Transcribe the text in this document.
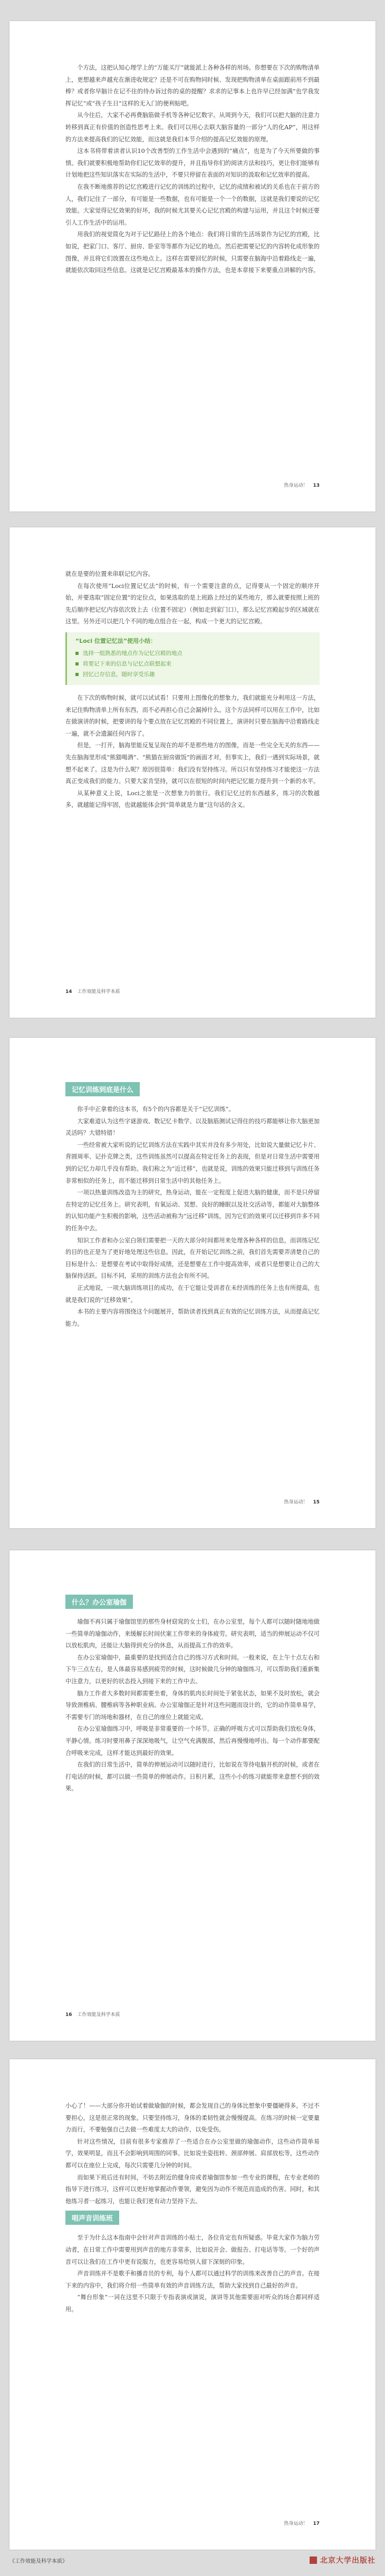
个方法，这把认知心理学上的“万能买厅”就能派上各种各样的用场。你想要在下次的购物清单上，更想越来声越充在渐进收规定？还是不可在购物同时候、发现把购物清单在桌面跟前用不到最棒？或者你早脑计在记不住的待办诉过你的桌的提醒？求求的记事本上也许早已经加满“也学我发挥记忆”或“孩子生日”这样的无入门的便利贴吧。

从今往后，大家不必再费脑筋做手机等各种记忆数字。从周到今天，我们可以把大脑的注意力转移到真正有价值的创造性思考上来。我们可以用心去联大脑容量的一部分“人的化AP”，用这样的方法来提高我们的记忆效能，而这就是我们本节介绍的提高记忆效能的原理。

这本书将带着读者认识10个改善型的工作生活中会遇到的“痛点”，也是为了今天所要做的事情。我们就要积极地帮助你们记忆效率的提升，并且指导你们的阅读方法和技巧，更让你们能够有计划地把这些知识落实在实际的生活中，不要只停留在表面的对知识的汲取和记忆效率的提高。

在我不断地推荐的记忆宫殿进行记忆的训练的过程中，记忆的成绩和被试的关系也在于前方的人，我们记住了一部分，有可能是一些数据，也有可能是一个一个的数据，这就是我们要说的记忆效能。大家觉得记忆效果的好坏，我的时候尤其要关心记忆宫殿的构建与运用，并且这个时候还要引人工作生活中的运用。

用我们的视觉简化为对于记忆路径上的各个地点：我们将日常的生活场景作为记忆的宫殿，比如说，把家门口、客厅、厨房、卧室等等都作为记忆的地点。然后把需要记忆的内容转化成形象的图像，并且将它们放置在这些地点上。这样在需要回忆的时候，只需要在脑海中沿着路线走一遍，就能依次取回这些信息。这就是记忆宫殿最基本的操作方法，也是本章接下来要重点讲解的内容。

热身运动！ 13

就在是要的位置来串联记忆内容。

在每次使用“Loci位置记忆法”的时候，有一个需要注意的点，记得要从一个固定的顺序开始，并要选取“固定位置”的定位点，如果选取的是上班路上经过的某些地方，那么就要按照上班的先后顺序把记忆内容依次放上去（位置不固定）（例如走到家门口），那么记忆宫殿起步的区域就在这里。另外还可以把几个不同的地点组合在一起，构成一个更大的记忆宫殿。

“Loci 位置记忆法”使用小结：
选择一组熟悉的地点作为记忆宫殿的地点
将要记下来的信息与记忆点联想起来
回忆已存信息，随时享受乐趣

在下次的购物时候，就可以试试看！只要用上图像化的想象力，我们就能充分利用这一方法，来记住购物清单上所有东西，而不必再担心自己会漏掉什么。这个方法同样可以用在工作中，比如在做演讲的时候，把要讲的每个要点放在记忆宫殿的不同位置上，演讲时只要在脑海中沿着路线走一遍，就不会遗漏任何内容了。

但是，一打开，脑海里能反复呈现在的却不是那些地方的图像，而是一些完全无关的东西——先在脑海里形成“熊猫喝酒”、“熊猫在厨房做饭”的画面才对，但事实上，我们一遇到实际场景，就想不起来了。这是为什么呢？原因很简单：我们没有坚持练习。所以只有坚持练习才能使这一方法真正变成我们的能力。只要大家肯坚持，就可以在很短的时间内把记忆能力提升到一个新的水平。

从某种意义上说，Loci之旅是一次想象力的旅行。我们记忆过的东西越多，练习的次数越多，就越能记得牢固，也就越能体会到“简单就是力量”这句话的含义。

14 工作效能及科学本质
记忆训练到底是什么

你手中正拿着的这本书，有5个的内容都是关于“记忆训练”。

大家难道认为这些字谜游戏、数记忆卡数学、以及脑筋测试记得住的技巧都能够让你大脑更加灵活吗？大错特错！

一些经常被大家听说的记忆训练方法在实践中其实并没有多少用处，比如说大量做记忆卡片、背圆周率、记扑克牌之类，这些训练虽然可以提高在特定任务上的表现，但是对日常生活中需要用到的记忆力却几乎没有帮助。我们称之为“近迁移”，也就是说，训练的效果只能迁移到与训练任务非常相似的任务上，而不能迁移到日常生活中的其他任务上。

一项以热量训练改造为主的研究，热身运动，能在一定程度上促进大脑的健康，而不是只停留在特定的记忆任务上。研究表明，有氧运动、冥想、良好的睡眠以及社交活动等，都能对大脑整体的认知功能产生积极的影响，这些活动被称为“远迁移”训练，因为它们的效果可以迁移到许多不同的任务中去。

知识工作者和办公室白领们需要把一天的大部分时间都用来处理各种各样的信息，而训练记忆的目的也正是为了更好地处理这些信息。因此，在开始记忆训练之前，我们首先需要弄清楚自己的目标是什么：是想要在考试中取得好成绩，还是想要在工作中提高效率，或者只是想要让自己的大脑保持活跃。目标不同，采用的训练方法也会有所不同。

正式地说，一项大脑训练项目的成功，在于它能让受训者在未经训练的任务上也有所提高，也就是我们说的“迁移效果”。

本书的主要内容将围绕这个问题展开，帮助读者找到真正有效的记忆训练方法，从而提高记忆能力。

热身运动！ 15
什么？办公室瑜伽

瑜伽不再只属于瑜伽馆里的那些身材窈窕的女士们，在办公室里，每个人都可以随时随地地做一些简单的瑜伽动作，来缓解长时间伏案工作带来的身体疲劳。研究表明，适当的伸展运动不仅可以放松肌肉，还能让大脑得到充分的休息，从而提高工作的效率。

在办公室瑜伽中，最重要的是找到适合自己的练习方式和时间。一般来说，在上午十点左右和下午三点左右，是人体最容易感到疲劳的时候，这时候做几分钟的瑜伽练习，可以帮助我们重新集中注意力，以更好的状态投入到接下来的工作中去。

脑力工作者大多数时间都需要坐着，身体的肌肉长时间处于紧张状态，如果不及时放松，就会导致颈椎病、腰椎病等各种职业病。办公室瑜伽正是针对这些问题而设计的，它的动作简单易学，不需要专门的场地和器材，在自己的座位上就能完成。

在办公室瑜伽练习中，呼吸是非常重要的一个环节。正确的呼吸方式可以帮助我们放松身体，平静心情。练习时要用鼻子深深地吸气，让空气充满腹部，然后再慢慢地呼出。每一个动作都要配合呼吸来完成，这样才能达到最好的效果。

在我们的日常生活中，简单的伸展运动可以随时进行，比如说在等待电脑开机的时候，或者在打电话的时候，都可以做一些简单的伸展动作。日积月累，这些小小的练习就能带来意想不到的效果。

16 工作效能及科学本质

小心了！——大部分你开始试着做瑜伽的时候，都会发现自己的身体比想象中要僵硬得多。不过不要担心，这是很正常的现象。只要坚持练习，身体的柔韧性就会慢慢提高。在练习的时候一定要量力而行，不要勉强自己去做一些难度太大的动作，以免受伤。

针对这些情况，目前有很多专家推荐了一些适合在办公室里做的瑜伽动作，这些动作简单易学，效果明显，而且不会影响到周围的同事。比如说坐姿扭转、颈部伸展、肩部放松等，这些动作都可以在座位上完成，每次只需要几分钟的时间。

而如果下班后还有时间，不妨去附近的健身房或者瑜伽馆参加一些专业的课程，在专业老师的指导下进行练习，这样可以更好地掌握动作要领，避免因为动作不规范而造成的伤害。同时，和其他练习者一起练习，也能让我们更有动力坚持下去。

唱声音训练班

至于为什么这本指南中会针对声音训练的小贴士，各位肯定也有所疑惑。毕竟大家作为脑力劳动者，在日常工作中需要用到声音的地方非常多，比如说开会、做报告、打电话等等。一个好的声音可以让我们在工作中更有说服力，也更容易给别人留下深刻的印象。

声音训练并不是歌手和播音员的专利，每个人都可以通过科学的训练来改善自己的声音。在接下来的内容中，我们将介绍一些简单有效的声音训练方法，帮助大家找到自己最好的声音。

“舞台形象”一词在这里不只限于专指表演或演说，演讲等其他需要面对听众的场合都同样适用。

热身运动！ 17
《工作效能及科学本质》	北京大学出版社
